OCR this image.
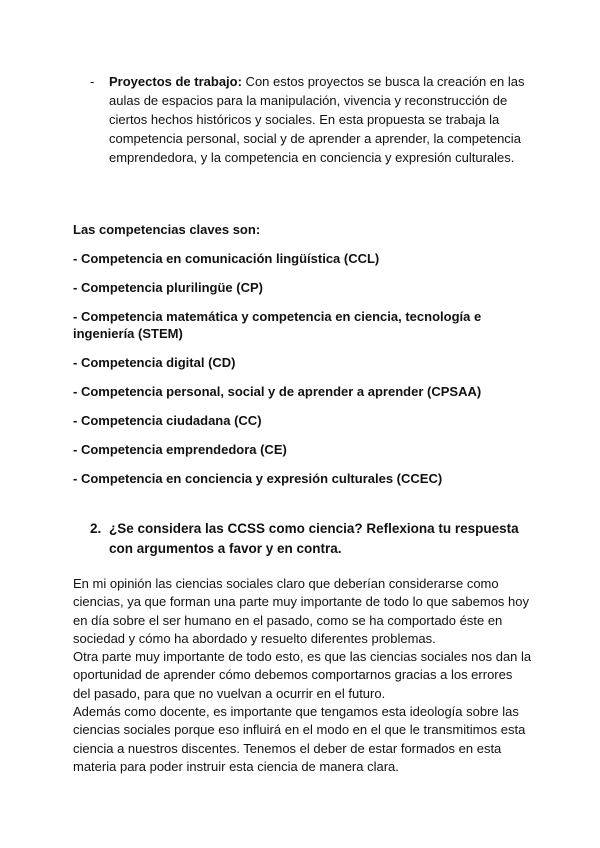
- Proyectos de trabajo: Con estos proyectos se busca la creación en las aulas de espacios para la manipulación, vivencia y reconstrucción de ciertos hechos históricos y sociales. En esta propuesta se trabaja la competencia personal, social y de aprender a aprender, la competencia emprendedora, y la competencia en conciencia y expresión culturales.
Las competencias claves son:
- Competencia en comunicación lingüística (CCL)
- Competencia plurilingüe (CP)
- Competencia matemática y competencia en ciencia, tecnología e ingeniería (STEM)
- Competencia digital (CD)
- Competencia personal, social y de aprender a aprender (CPSAA)
- Competencia ciudadana (CC)
- Competencia emprendedora (CE)
- Competencia en conciencia y expresión culturales (CCEC)
2. ¿Se considera las CCSS como ciencia? Reflexiona tu respuesta con argumentos a favor y en contra.

En mi opinión las ciencias sociales claro que deberían considerarse como ciencias, ya que forman una parte muy importante de todo lo que sabemos hoy en día sobre el ser humano en el pasado, como se ha comportado éste en sociedad y cómo ha abordado y resuelto diferentes problemas.

Otra parte muy importante de todo esto, es que las ciencias sociales nos dan la oportunidad de aprender cómo debemos comportarnos gracias a los errores del pasado, para que no vuelvan a ocurrir en el futuro.

Además como docente, es importante que tengamos esta ideología sobre las ciencias sociales porque eso influirá en el modo en el que le transmitimos esta ciencia a nuestros discentes. Tenemos el deber de estar formados en esta materia para poder instruir esta ciencia de manera clara.
